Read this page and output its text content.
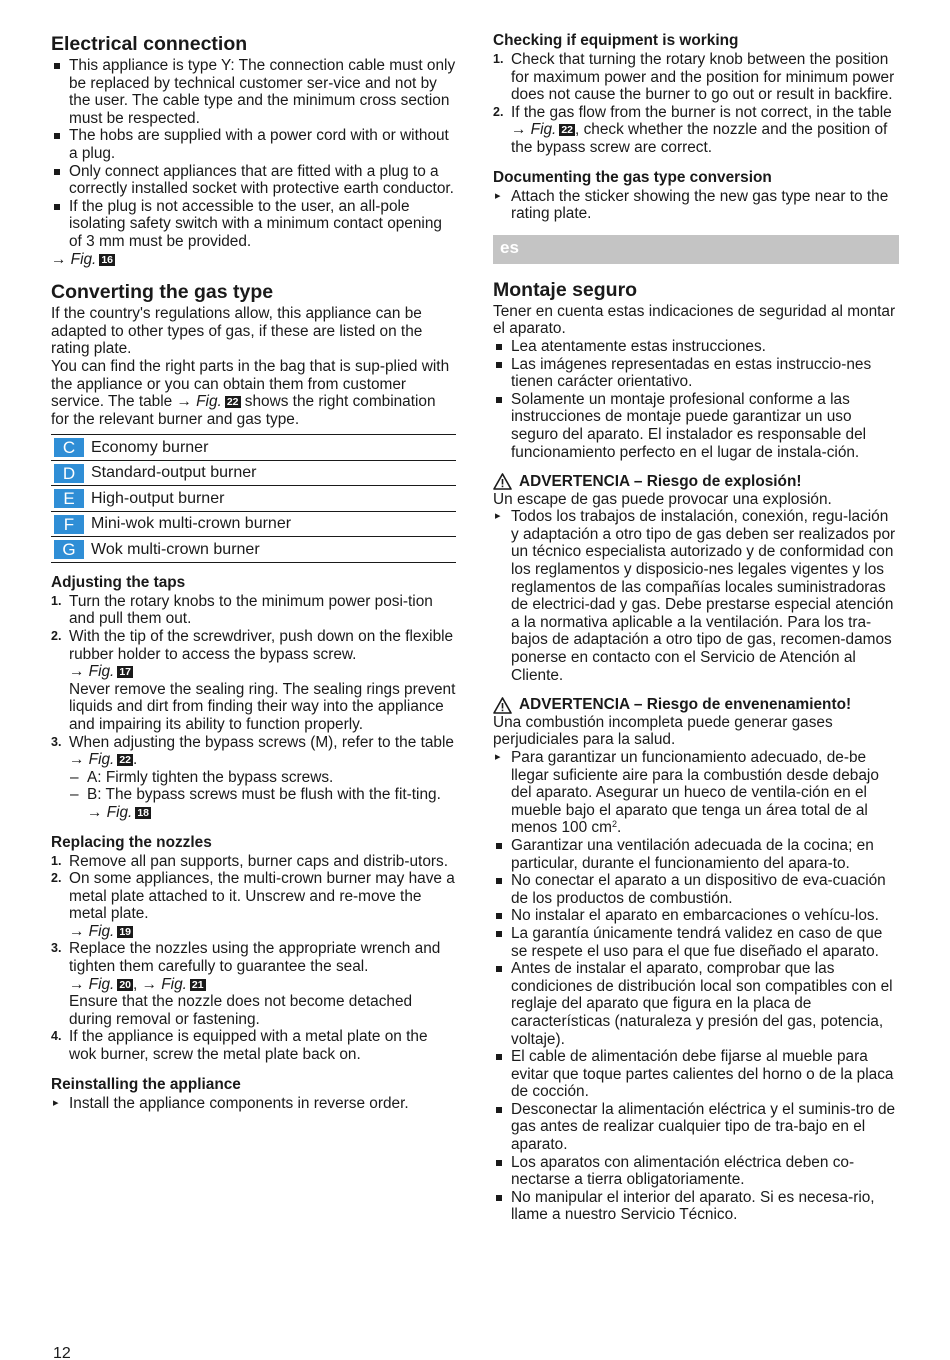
Electrical connection
This appliance is type Y: The connection cable must only be replaced by technical customer ser-vice and not by the user. The cable type and the minimum cross section must be respected.
The hobs are supplied with a power cord with or without a plug.
Only connect appliances that are fitted with a plug to a correctly installed socket with protective earth conductor.
If the plug is not accessible to the user, an all-pole isolating safety switch with a minimum contact opening of 3 mm must be provided.

→ Fig. 16

Converting the gas type

If the country's regulations allow, this appliance can be adapted to other types of gas, if these are listed on the rating plate.

You can find the right parts in the bag that is sup-plied with the appliance or you can obtain them from customer service. The table → Fig. 22 shows the right combination for the relevant burner and gas type.

C	Economy burner

D	Standard-output burner

E	High-output burner

F	Mini-wok multi-crown burner

G	Wok multi-crown burner
Adjusting the taps
1. Turn the rotary knobs to the minimum power posi-tion and pull them out.
2. With the tip of the screwdriver, push down on the flexible rubber holder to access the bypass screw.
→ Fig. 17
Never remove the sealing ring. The sealing rings prevent liquids and dirt from finding their way into the appliance and impairing its ability to function properly.
3. When adjusting the bypass screws (M), refer to the table → Fig. 22 .
– A: Firmly tighten the bypass screws.
– B: The bypass screws must be flush with the fit-ting.
→ Fig. 18
Replacing the nozzles
1. Remove all pan supports, burner caps and distrib-utors.
2. On some appliances, the multi-crown burner may have a metal plate attached to it. Unscrew and re-move the metal plate.
→ Fig. 19
3. Replace the nozzles using the appropriate wrench and tighten them carefully to guarantee the seal.
→ Fig. 20 , → Fig. 21
Ensure that the nozzle does not become detached during removal or fastening.
4. If the appliance is equipped with a metal plate on the wok burner, screw the metal plate back on.
Reinstalling the appliance
▸ Install the appliance components in reverse order.
Checking if equipment is working
1. Check that turning the rotary knob between the position for maximum power and the position for minimum power does not cause the burner to go out or result in backfire.
2. If the gas flow from the burner is not correct, in the table → Fig. 22 , check whether the nozzle and the position of the bypass screw are correct.
Documenting the gas type conversion
▸ Attach the sticker showing the new gas type near to the rating plate.
es
Montaje seguro

Tener en cuenta estas indicaciones de seguridad al montar el aparato.

Lea atentamente estas instrucciones.
Las imágenes representadas en estas instruccio-nes tienen carácter orientativo.
Solamente un montaje profesional conforme a las instrucciones de montaje puede garantizar un uso seguro del aparato. El instalador es responsable del funcionamiento perfecto en el lugar de instala-ción.
ADVERTENCIA – Riesgo de explosión!

Un escape de gas puede provocar una explosión.

▸ Todos los trabajos de instalación, conexión, regu-lación y adaptación a otro tipo de gas deben ser realizados por un técnico especialista autorizado y de conformidad con los reglamentos y disposicio-nes legales vigentes y los reglamentos de las compañías locales suministradoras de electrici-dad y gas. Debe prestarse especial atención a la normativa aplicable a la ventilación. Para los tra-bajos de adaptación a otro tipo de gas, recomen-damos ponerse en contacto con el Servicio de Atención al Cliente.
ADVERTENCIA – Riesgo de envenenamiento!

Una combustión incompleta puede generar gases perjudiciales para la salud.

▸ Para garantizar un funcionamiento adecuado, de-be llegar suficiente aire para la combustión desde debajo del aparato. Asegurar un hueco de ventila-ción en el mueble bajo el aparato que tenga un área total de al menos 100 $cm^2$.
Garantizar una ventilación adecuada de la cocina; en particular, durante el funcionamiento del apara-to.
No conectar el aparato a un dispositivo de eva-cuación de los productos de combustión.
No instalar el aparato en embarcaciones o vehícu-los.
La garantía únicamente tendrá validez en caso de que se respete el uso para el que fue diseñado el aparato.
Antes de instalar el aparato, comprobar que las condiciones de distribución local son compatibles con el reglaje del aparato que figura en la placa de características (naturaleza y presión del gas, potencia, voltaje).
El cable de alimentación debe fijarse al mueble para evitar que toque partes calientes del horno o de la placa de cocción.
Desconectar la alimentación eléctrica y el suminis-tro de gas antes de realizar cualquier tipo de tra-bajo en el aparato.
Los aparatos con alimentación eléctrica deben co-nectarse a tierra obligatoriamente.
No manipular el interior del aparato. Si es necesa-rio, llame a nuestro Servicio Técnico.
12
